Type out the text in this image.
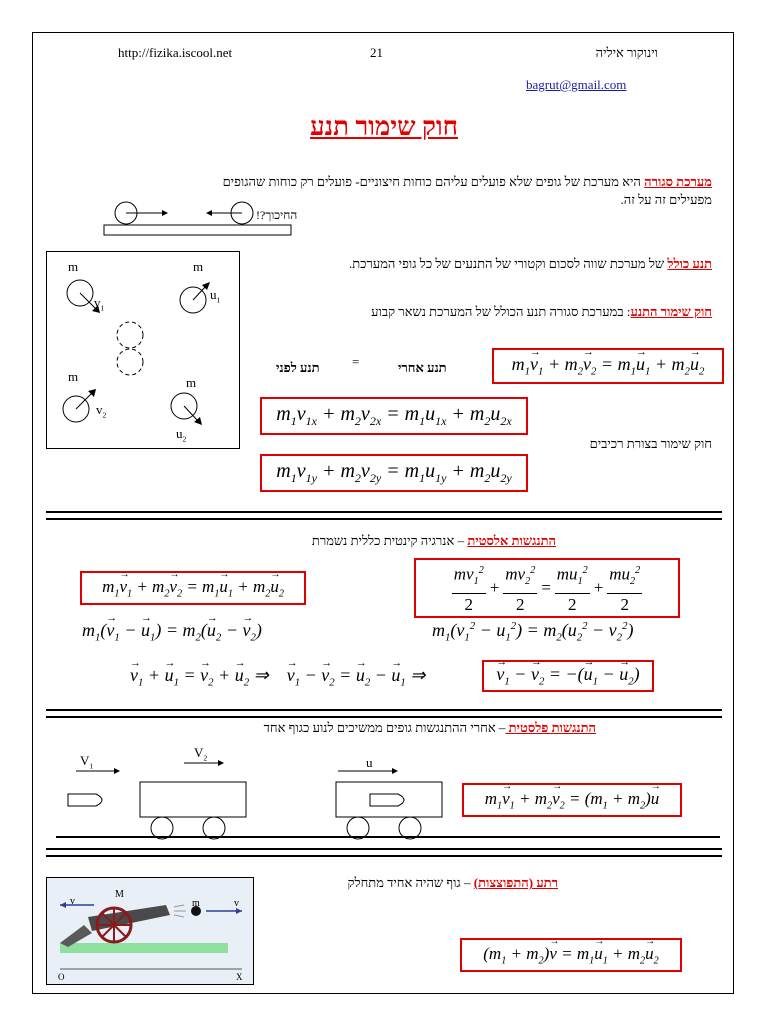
http://fizika.iscool.net	21	וינוקור איליה
bagrut@gmail.com
חוק שימור תנע
מערכת סגורה היא מערכת של גופים שלא פועלים עליהם כוחות חיצוניים- פועלים רק כוחות שהגופים
מפעילים זה על זה.
החיכוך?!
m	m
$v_1$
$u_1$
m	m
$v_2$
$u_2$
תנע כולל של מערכת שווה לסכום וקטורי של התנעים של כל גופי המערכת.
חוק שימור התנע: במערכת סגורה תנע הכולל של המערכת נשאר קבוע
תנע לפני =	תנע אחרי	$m_1\to v_1 + m_2\to v_2 = m_1\to u_1 + m_2\to u_2$
$m_1v_{1x} + m_2v_{2x} = m_1u_{1x} + m_2u_{2x}$
חוק שימור בצורת רכיבים
$m_1v_{1y} + m_2v_{2y} = m_1u_{1y} + m_2u_{2y}$
התנגשות אלסטית – אנרגיה קינטית כללית נשמרת
$m_1\to v_1 + m_2\to v_2 = m_1\to u_1 + m_2\to u_2$	$\frac{mv_1^2}{2} + \frac{mv_2^2}{2} = \frac{mu_1^2}{2} + \frac{mu_2^2}{2}$
$m_1(\to v_1$ − → $u_1) = m_2(\to u_2$ − → $v_2$)	$m_1(v_1^2 - u_1^2) = m_2(u_2^2 - v_2^2)$
→ $v_1$ + → $u_1$ = → $v_2$ + → $u_2$ ⇒    → $v_1$ − → $v_2$ = → $u_2$ − → $u_1$ ⇒
→	$v_1$ − → $v_2$ = −(→ $u_1$ − → $u_2$)
התנגשות פלסטית – אחרי ההתנגשות גופים ממשיכים לנוע כגוף אחד
$V_1$
$V_2$	u
$m_1\to v_1 + m_2\to v_2 = (m_1 + m_2)\to u$
רתע (התפוצצות) – גוף שהיה אחיד מתחלק
v
M
m	v
O	X
$(m_1 + m_2)\to v = m_1\to u_1 + m_2\to u_2$
